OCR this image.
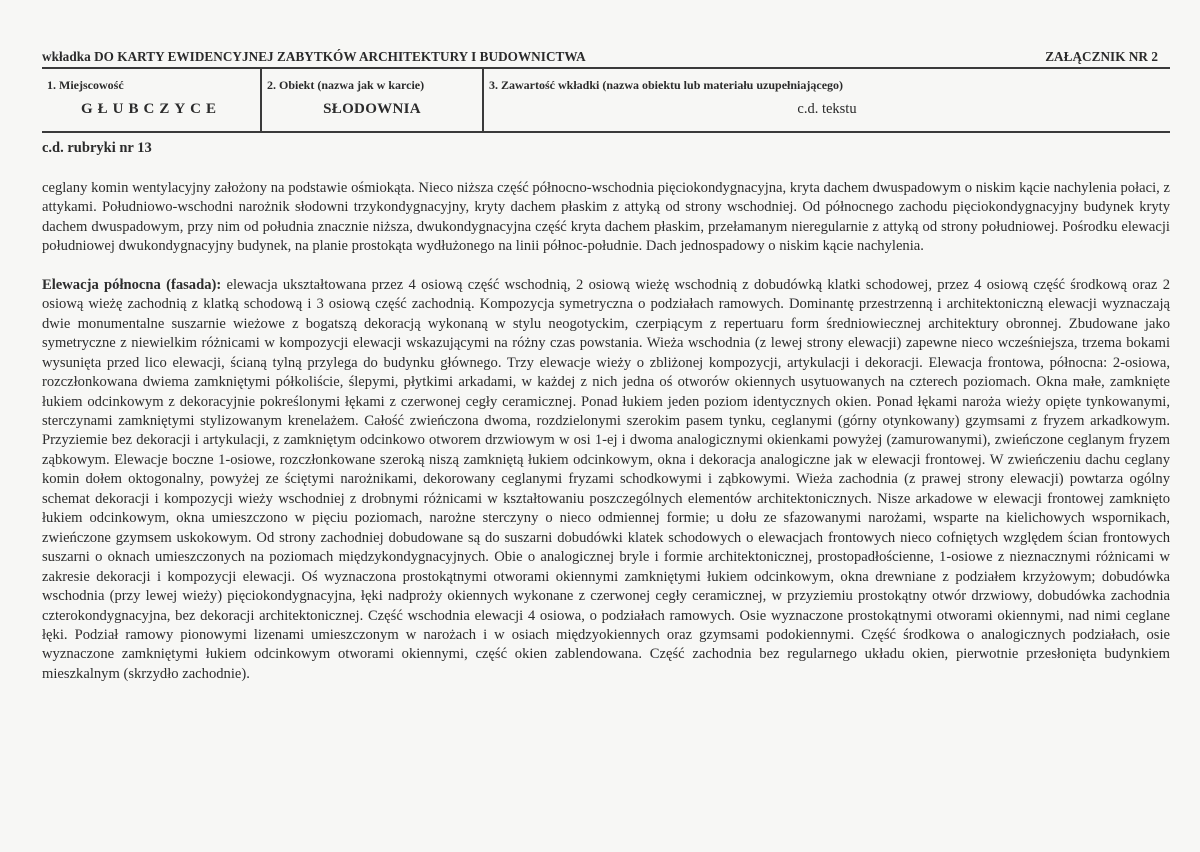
wkładka DO KARTY EWIDENCYJNEJ ZABYTKÓW ARCHITEKTURY I BUDOWNICTWA	ZAŁĄCZNIK NR 2
1. Miejscowość
GŁUBCZYCE
2. Obiekt (nazwa jak w karcie)
SŁODOWNIA
3. Zawartość wkładki (nazwa obiektu lub materiału uzupełniającego)
c.d. tekstu
c.d. rubryki nr 13

ceglany komin wentylacyjny założony na podstawie ośmiokąta. Nieco niższa część północno-wschodnia pięciokondygnacyjna, kryta dachem dwuspadowym o niskim kącie nachylenia połaci, z attykami. Południowo-wschodni narożnik słodowni trzykondygnacyjny, kryty dachem płaskim z attyką od strony wschodniej. Od północnego zachodu pięciokondygnacyjny budynek kryty dachem dwuspadowym, przy nim od południa znacznie niższa, dwukondygnacyjna część kryta dachem płaskim, przełamanym nieregularnie z attyką od strony południowej. Pośrodku elewacji południowej dwukondygnacyjny budynek, na planie prostokąta wydłużonego na linii północ-południe. Dach jednospadowy o niskim kącie nachylenia.

Elewacja północna (fasada): elewacja ukształtowana przez 4 osiową część wschodnią, 2 osiową wieżę wschodnią z dobudówką klatki schodowej, przez 4 osiową część środkową oraz 2 osiową wieżę zachodnią z klatką schodową i 3 osiową część zachodnią. Kompozycja symetryczna o podziałach ramowych. Dominantę przestrzenną i architektoniczną elewacji wyznaczają dwie monumentalne suszarnie wieżowe z bogatszą dekoracją wykonaną w stylu neogotyckim, czerpiącym z repertuaru form średniowiecznej architektury obronnej. Zbudowane jako symetryczne z niewielkim różnicami w kompozycji elewacji wskazującymi na różny czas powstania. Wieża wschodnia (z lewej strony elewacji) zapewne nieco wcześniejsza, trzema bokami wysunięta przed lico elewacji, ścianą tylną przylega do budynku głównego. Trzy elewacje wieży o zbliżonej kompozycji, artykulacji i dekoracji. Elewacja frontowa, północna: 2-osiowa, rozczłonkowana dwiema zamkniętymi półkoliście, ślepymi, płytkimi arkadami, w każdej z nich jedna oś otworów okiennych usytuowanych na czterech poziomach. Okna małe, zamknięte łukiem odcinkowym z dekoracyjnie pokreślonymi łękami z czerwonej cegły ceramicznej. Ponad łukiem jeden poziom identycznych okien. Ponad łękami naroża wieży opięte tynkowanymi, sterczynami zamkniętymi stylizowanym krenelażem. Całość zwieńczona dwoma, rozdzielonymi szerokim pasem tynku, ceglanymi (górny otynkowany) gzymsami z fryzem arkadkowym. Przyziemie bez dekoracji i artykulacji, z zamkniętym odcinkowo otworem drzwiowym w osi 1-ej i dwoma analogicznymi okienkami powyżej (zamurowanymi), zwieńczone ceglanym fryzem ząbkowym. Elewacje boczne 1-osiowe, rozczłonkowane szeroką niszą zamkniętą łukiem odcinkowym, okna i dekoracja analogiczne jak w elewacji frontowej. W zwieńczeniu dachu ceglany komin dołem oktogonalny, powyżej ze ściętymi narożnikami, dekorowany ceglanymi fryzami schodkowymi i ząbkowymi. Wieża zachodnia (z prawej strony elewacji) powtarza ogólny schemat dekoracji i kompozycji wieży wschodniej z drobnymi różnicami w kształtowaniu poszczególnych elementów architektonicznych. Nisze arkadowe w elewacji frontowej zamknięto łukiem odcinkowym, okna umieszczono w pięciu poziomach, narożne sterczyny o nieco odmiennej formie; u dołu ze sfazowanymi narożami, wsparte na kielichowych wspornikach, zwieńczone gzymsem uskokowym. Od strony zachodniej dobudowane są do suszarni dobudówki klatek schodowych o elewacjach frontowych nieco cofniętych względem ścian frontowych suszarni o oknach umieszczonych na poziomach międzykondygnacyjnych. Obie o analogicznej bryle i formie architektonicznej, prostopadłościenne, 1-osiowe z nieznacznymi różnicami w zakresie dekoracji i kompozycji elewacji. Oś wyznaczona prostokątnymi otworami okiennymi zamkniętymi łukiem odcinkowym, okna drewniane z podziałem krzyżowym; dobudówka wschodnia (przy lewej wieży) pięciokondygnacyjna, łęki nadproży okiennych wykonane z czerwonej cegły ceramicznej, w przyziemiu prostokątny otwór drzwiowy, dobudówka zachodnia czterokondygnacyjna, bez dekoracji architektonicznej. Część wschodnia elewacji 4 osiowa, o podziałach ramowych. Osie wyznaczone prostokątnymi otworami okiennymi, nad nimi ceglane łęki. Podział ramowy pionowymi lizenami umieszczonym w narożach i w osiach międzyokiennych oraz gzymsami podokiennymi. Część środkowa o analogicznych podziałach, osie wyznaczone zamkniętymi łukiem odcinkowym otworami okiennymi, część okien zablendowana. Część zachodnia bez regularnego układu okien, pierwotnie przesłonięta budynkiem mieszkalnym (skrzydło zachodnie).
